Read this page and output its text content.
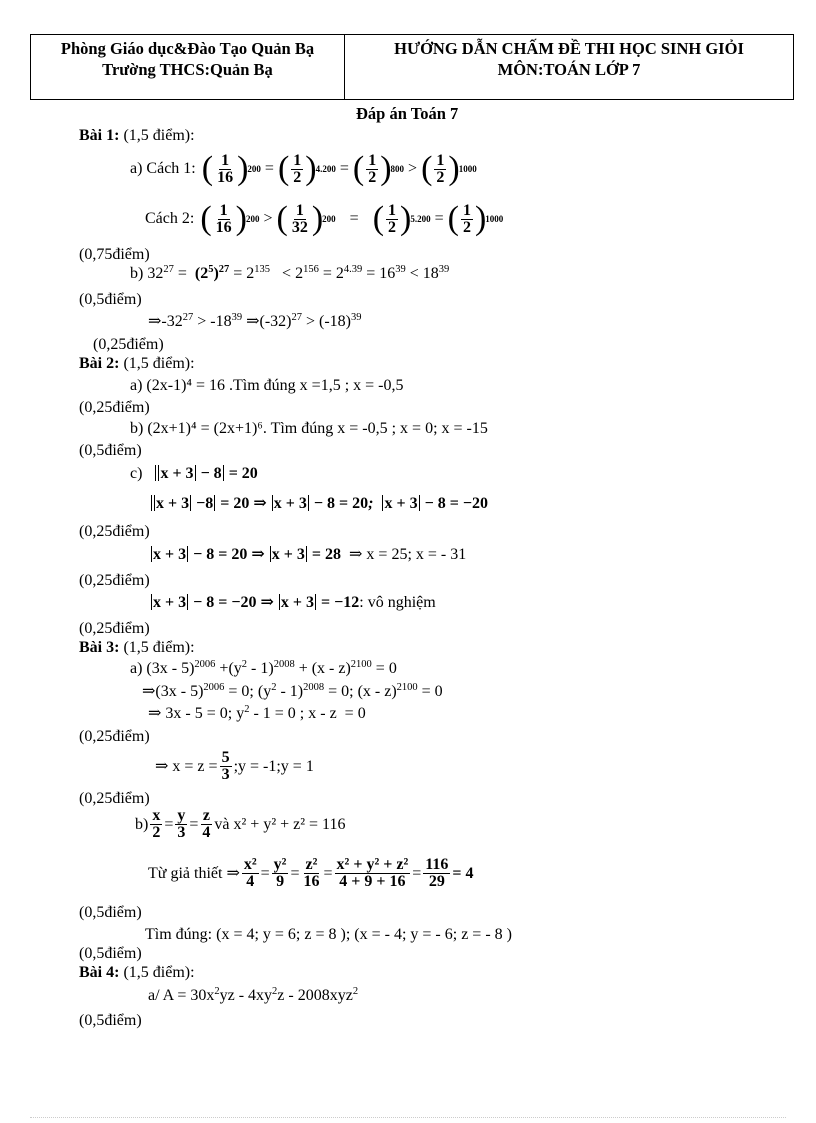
Phòng Giáo dục&Đào Tạo Quản Bạ
Trường THCS:Quản Bạ
HƯỚNG DẪN CHẤM ĐỀ THI HỌC SINH GIỎI
MÔN:TOÁN LỚP 7
Đáp án Toán 7
Bài 1: (1,5 điểm):
a) Cách 1: ( $\frac{1}{16}$ ) 200 = ( $\frac{1}{2}$ ) 4.200 = ( $\frac{1}{2}$ ) 800 > ( $\frac{1}{2}$ ) 1000
Cách 2: ( $\frac{1}{16}$ ) 200 > ( $\frac{1}{32}$ ) 200 = ( $\frac{1}{2}$ ) 5.200 = ( $\frac{1}{2}$ ) 1000
(0,75điểm)
b) $32^{27} = (2^5)^{27} = 2^{135} < 2^{156} = 2^{4.39} = 16^{39} < 18^{39}$
(0,5điểm)
$\Rightarrow-32^{27} > -18^{39}$ $\Rightarrow(-32)^{27} > (-18)^{39}$
(0,25điểm)
Bài 2: (1,5 điểm):
a) (2x-1)⁴ = 16 .Tìm đúng x =1,5 ; x = -0,5
(0,25điểm)
b) (2x+1)⁴ = (2x+1)⁶. Tìm đúng x = -0,5 ; x = 0; x = -15
(0,5điểm)
c) x + 3 − 8 = 20
x + 3 −8 = 20 ⇒ x + 3 − 8 = 20; x + 3 − 8 = −20
(0,25điểm)
x + 3 − 8 = 20 ⇒ x + 3 = 28  ⇒ x = 25; x = - 31
(0,25điểm)
x + 3 − 8 = −20 ⇒ x + 3 = −12: vô nghiệm
(0,25điểm)
Bài 3: (1,5 điểm):
a) $(3x - 5)^{2006} +(y^2 - 1)^{2008} + (x - z)^{2100} = 0$
⇒(3x - 5)$^{2006}$ = 0; $(y^2 - 1)^{2008} = 0$; (x - z)$^{2100}$ = 0
⇒ 3x - 5 = 0; $y^2 - 1 = 0$ ; x - z  = 0
(0,25điểm)
⇒ $x = z = \frac{5}{3}$ ;y = -1;y = 1
(0,25điểm)
$b) \frac{x}{2} = \frac{y}{3} = \frac{z}{4}$ và x² + y² + z² = 116
Từ giả thiết ⇒ $\frac{\text{x²}}{4} = \frac{\text{y²}}{9} = \frac{\text{z²}}{16} = \frac{\text{x² + y² + z²}}{4 + 9 + 16} = \frac{116}{29} = 4$
(0,5điểm)
Tìm đúng: (x = 4; y = 6; z = 8 ); (x = - 4; y = - 6; z = - 8 )
(0,5điểm)
Bài 4: (1,5 điểm):
a/ $A = 30x^2yz - 4xy^2z - 2008xyz^2$
(0,5điểm)
